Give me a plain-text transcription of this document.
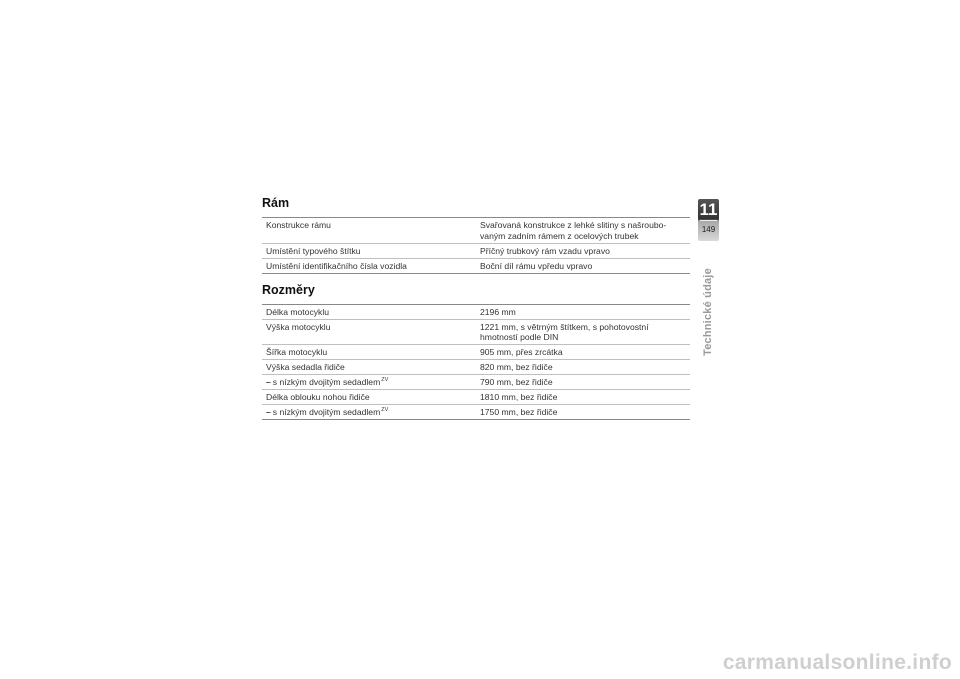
Rám
Konstrukce rámu	Svařovaná konstrukce z lehké slitiny s našroubo-
vaným zadním rámem z ocelových trubek
Umístění typového štítku	Příčný trubkový rám vzadu vpravo
Umístění identifikačního čísla vozidla	Boční díl rámu vpředu vpravo
Rozměry
Délka motocyklu	2196 mm
Výška motocyklu	1221 mm, s větrným štítkem, s pohotovostní
hmotností podle DIN
Šířka motocyklu	905 mm, přes zrcátka
Výška sedadla řidiče	820 mm, bez řidiče
– s nízkým dvojitým sedadlem$^{ZV}$	790 mm, bez řidiče
Délka oblouku nohou řidiče	1810 mm, bez řidiče
– s nízkým dvojitým sedadlem$^{ZV}$	1750 mm, bez řidiče
11
149
Technické údaje
carmanualsonline.info
